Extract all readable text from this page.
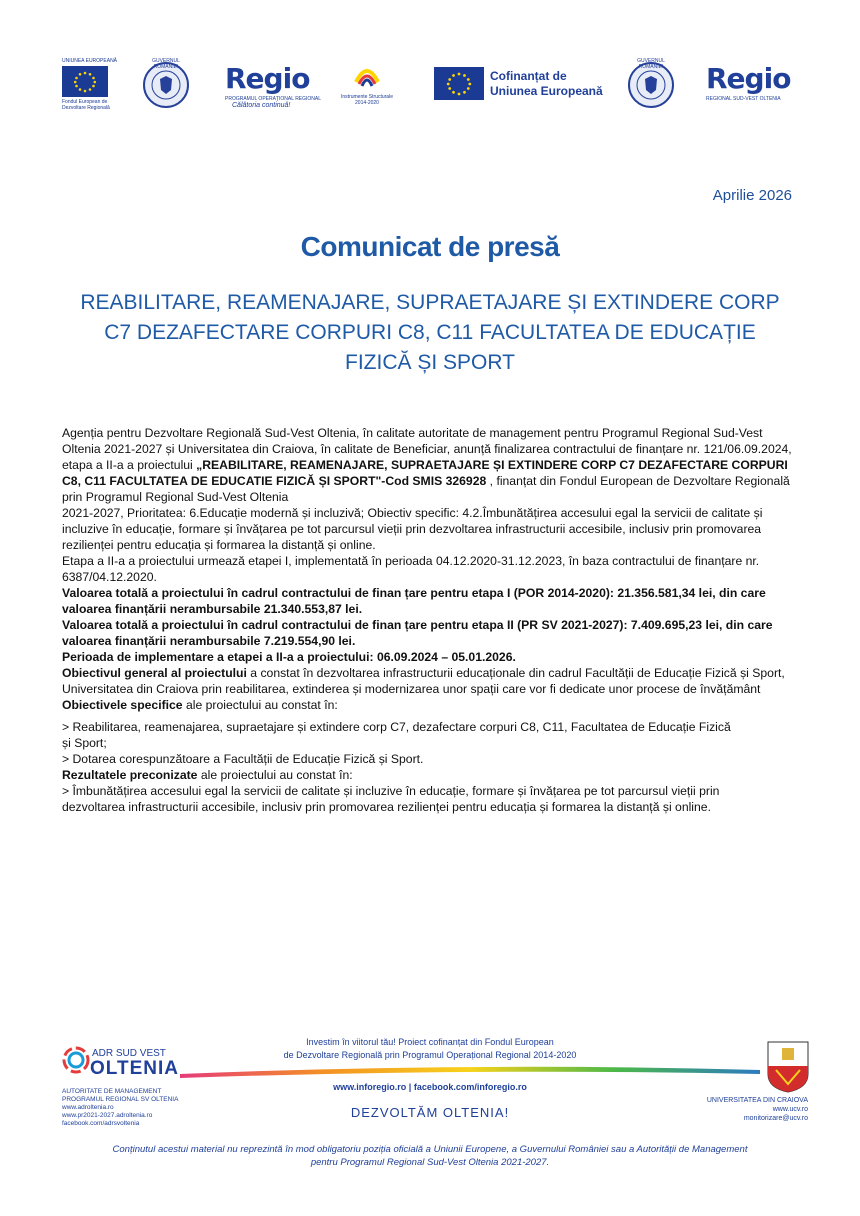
UNIUNEA EUROPEANĂ
Fondul European de Dezvoltare Regională
GUVERNUL ROMÂNIEI	Regio
PROGRAMUL OPERAȚIONAL REGIONAL
Călătoria continuă!
Instrumente Structurale
2014-2020
Cofinanțat de
Uniunea Europeană
GUVERNUL ROMÂNIEI	Regio
REGIONAL SUD-VEST OLTENIA
Aprilie 2026
Comunicat de presă
REABILITARE, REAMENAJARE, SUPRAETAJARE ȘI EXTINDERE CORP C7 DEZAFECTARE CORPURI C8, C11 FACULTATEA DE EDUCAȚIE FIZICĂ ȘI SPORT

Agenția pentru Dezvoltare Regională Sud-Vest Oltenia, în calitate autoritate de management pentru Programul Regional Sud-Vest Oltenia 2021-2027 și Universitatea din Craiova, în calitate de Beneficiar, anunță finalizarea contractului de finanțare nr. 121/06.09.2024, etapa a II-a a proiectului „REABILITARE, REAMENAJARE, SUPRAETAJARE ȘI EXTINDERE CORP C7 DEZAFECTARE CORPURI C8, C11 FACULTATEA DE EDUCATIE FIZICĂ ȘI SPORT"-Cod SMIS 326928 , finanțat din Fondul European de Dezvoltare Regională prin Programul Regional Sud-Vest Oltenia

2021-2027, Prioritatea: 6.Educație modernă și incluzivă; Obiectiv specific: 4.2.Îmbunătățirea accesului egal la servicii de calitate și incluzive în educație, formare și învățarea pe tot parcursul vieții prin dezvoltarea infrastructurii accesibile, inclusiv prin promovarea rezilienței pentru educația și formarea la distanță și online.

Etapa a II-a a proiectului urmează etapei I, implementată în perioada 04.12.2020-31.12.2023, în baza contractului de finanțare nr. 6387/04.12.2020.

Valoarea totală a proiectului în cadrul contractului de finan țare pentru etapa I (POR 2014-2020): 21.356.581,34 lei, din care valoarea finanțării nerambursabile 21.340.553,87 lei.

Valoarea totală a proiectului în cadrul contractului de finan țare pentru etapa II (PR SV 2021-2027): 7.409.695,23 lei, din care valoarea finanțării nerambursabile 7.219.554,90 lei.

Perioada de implementare a etapei a II-a a proiectului: 06.09.2024 – 05.01.2026.

Obiectivul general al proiectului a constat în dezvoltarea infrastructurii educaționale din cadrul Facultății de Educație Fizică și Sport, Universitatea din Craiova prin reabilitarea, extinderea și modernizarea unor spații care vor fi dedicate unor procese de învățământ

Obiectivele specifice ale proiectului au constat în:

> Reabilitarea, reamenajarea, supraetajare și extindere corp C7, dezafectare corpuri C8, C11, Facultatea de Educație Fizică și Sport;

> Dotarea corespunzătoare a Facultății de Educație Fizică și Sport.

Rezultatele preconizate ale proiectului au constat în:

> Îmbunătățirea accesului egal la servicii de calitate și incluzive în educație, formare și învățarea pe tot parcursul vieții prin dezvoltarea infrastructurii accesibile, inclusiv prin promovarea rezilienței pentru educația și formarea la distanță și online.

ADR SUD VEST
OLTENIA
AUTORITATE DE MANAGEMENT
PROGRAMUL REGIONAL SV OLTENIA
www.adroltenia.ro
www.pr2021-2027.adroltenia.ro
facebook.com/adrsvoltenia
Investim în viitorul tău! Proiect cofinanțat din Fondul European
de Dezvoltare Regională prin Programul Operațional Regional 2014-2020
www.inforegio.ro | facebook.com/inforegio.ro
DEZVOLTĂM OLTENIA!
UNIVERSITATEA DIN CRAIOVA
www.ucv.ro
monitorizare@ucv.ro
Conținutul acestui material nu reprezintă în mod obligatoriu poziția oficială a Uniunii Europene, a Guvernului României sau a Autorității de Management pentru Programul Regional Sud-Vest Oltenia 2021-2027.
